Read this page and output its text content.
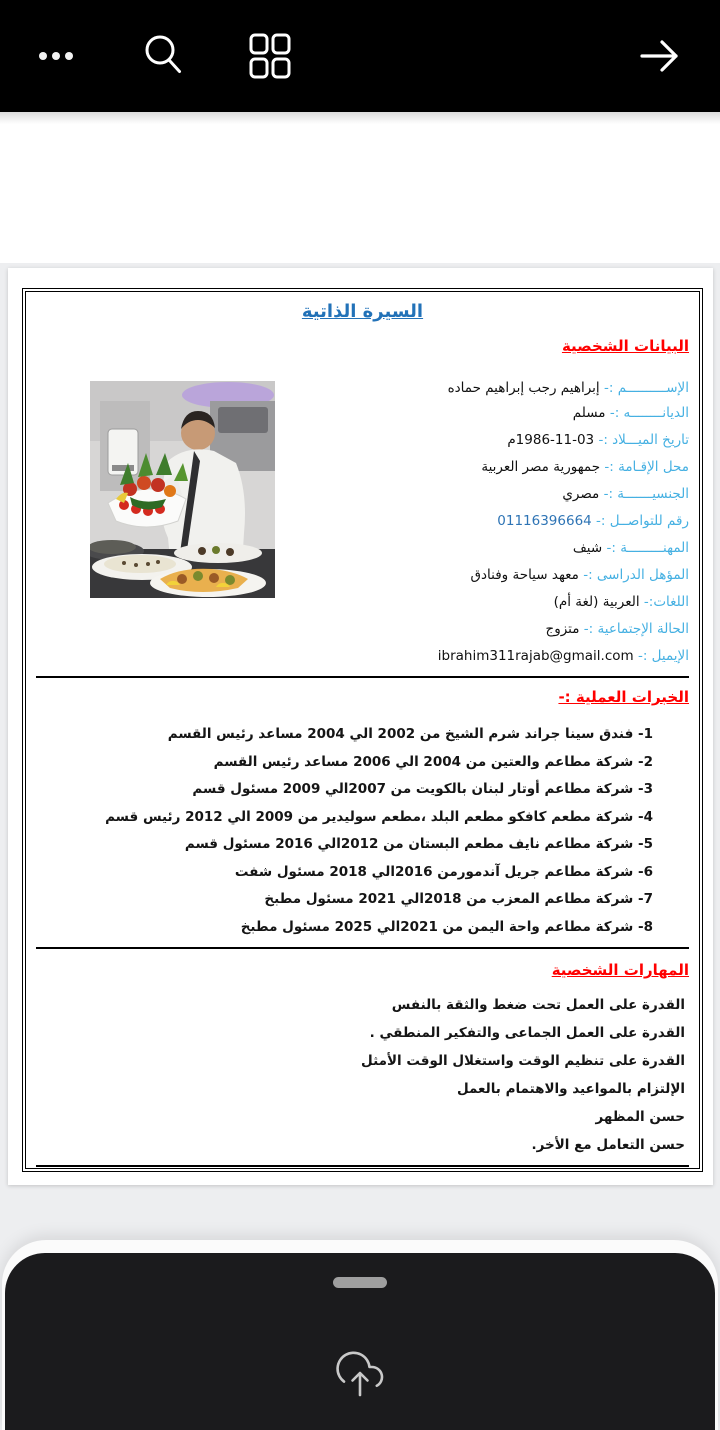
السيرة الذاتية
البيانات الشخصية
الإســــــــــم :- إبراهيم رجب إبراهيم حماده
الديانــــــــه :- مسلم
تاريخ الميـــلاد :- 03-11-1986م
محل الإقـامة :- جمهورية مصر العربية
الجنسيـــــــة :- مصري
رقم للتواصــل :- 01116396664
المهنـــــــــة :- شيف
المؤهل الدراسى :- معهد سياحة وفنادق
اللغات:- العربية (لغة أم)
الحالة الإجتماعية :- متزوج
الإيميل :- ibrahim311rajab@gmail.com
الخبرات العملية :-
1- فندق سينا جراند شرم الشيخ من 2002 الي 2004 مساعد رئيس القسم
2- شركة مطاعم والعتين من 2004 الي 2006 مساعد رئيس القسم
3- شركة مطاعم أوتار لبنان بالكويت من 2007الي 2009 مسئول قسم
4- شركة مطعم كافكو مطعم البلد ،مطعم سوليدير من 2009 الي 2012 رئيس قسم
5- شركة مطاعم نايف مطعم البستان من 2012الي 2016 مسئول قسم
6- شركة مطاعم جريل آندمورمن 2016الي 2018 مسئول شفت
7- شركة مطاعم المعزب من 2018الي 2021 مسئول مطبخ
8- شركة مطاعم واحة اليمن من 2021الي 2025 مسئول مطبخ
المهارات الشخصية
القدرة على العمل تحت ضغط والثقة بالنفس
القدرة على العمل الجماعى والتفكير المنطقي .
القدرة على تنظيم الوقت واستغلال الوقت الأمثل
الإلتزام بالمواعيد والاهتمام بالعمل
حسن المظهر
حسن التعامل مع الأخر.
